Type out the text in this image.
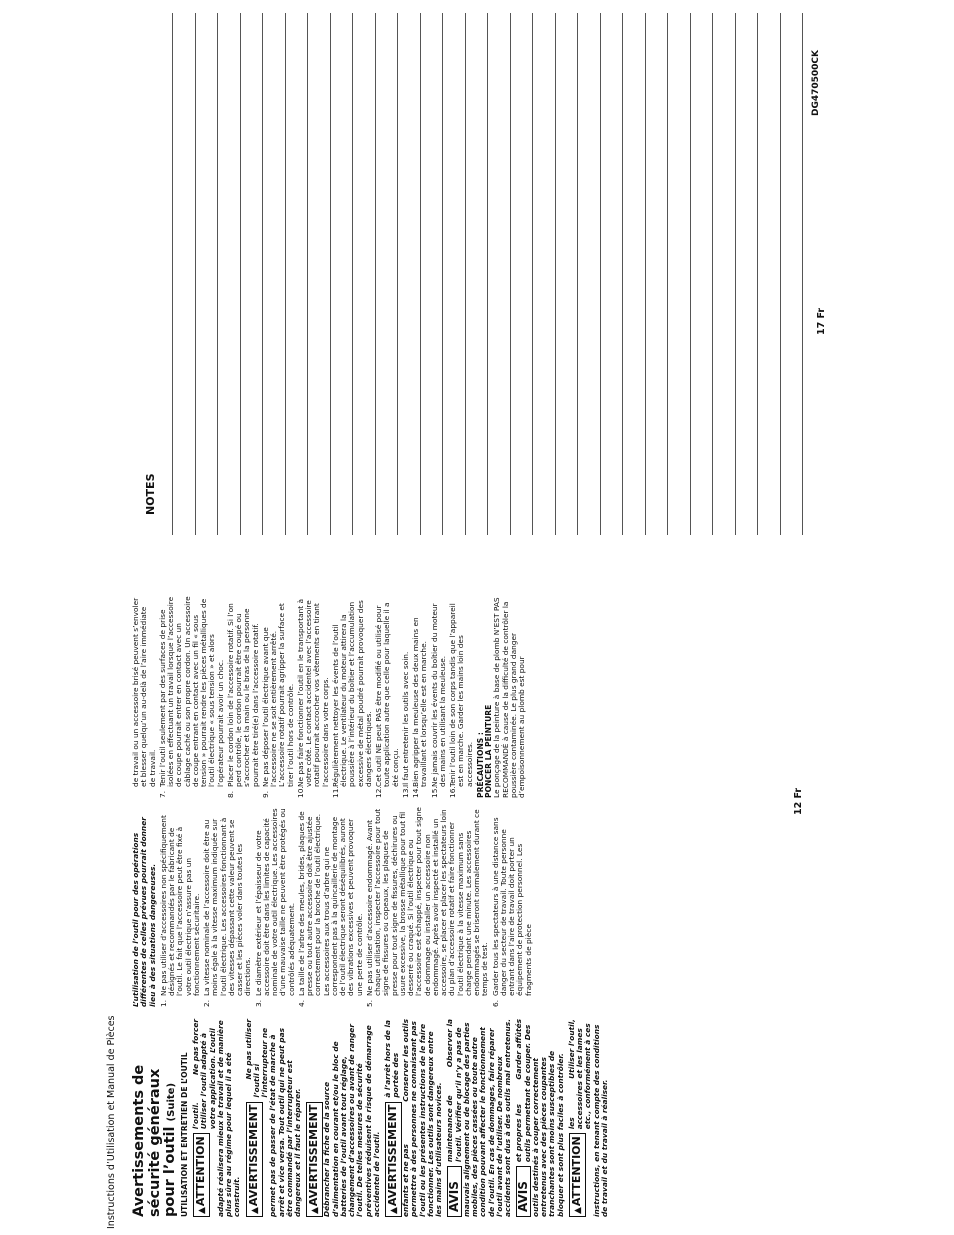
Instructions d’Utilisation et Manual de Pièces
DG470500CK

Avertissements de
sécurité généraux
pour l’outil (Suite) UTILISATION ET ENTRETIEN DE L’OUTIL ▲ATTENTION
Ne pas forcer
l’outil. Utiliser l’outil adapté à votre application. L’outil adapté réalisera mieux le travail et de manière plus sûre au régime pour lequel il a été construit. ▲AVERTISSEMENT
Ne pas utiliser
l’outil si l’interrupteur ne permet pas de passer de l’état de marche à arrêt et vice versa. Tout outil qui ne peut pas être commandé par l’interrupteur est dangereux et il faut le réparer. ▲AVERTISSEMENT Débrancher la fiche de la source d’alimentation en courant et/ou le bloc de batteries de l’outil avant tout réglage, changement d’accessoires ou avant de ranger l’outil. De telles mesures de sécurité préventives réduisent le risque de démarrage accidentel de l’outil. ▲AVERTISSEMENT
Conserver les outils
à l’arrêt hors de la portée des enfants et ne pas permettre à des personnes ne connaissant pas l’outil ou les présentes instructions de le faire fonctionner. Les outils sont dangereux entre les mains d’utilisateurs novices. AVIS
Observer la
maintenance de l’outil. Vérifier qu’il n’y a pas de mauvais alignement ou de blocage des parties mobiles, des pièces cassées ou toute autre condition pouvant affecter le fonctionnement de l’outil. En cas de dommages, faire réparer l’outil avant de l’utiliser. De nombreux accidents sont dus à des outils mal entretenus. AVIS
Garder affûtés
et propres les outils permettant de couper. Des outils destinés à couper correctement entretenus avec des pièces coupantes tranchantes sont moins susceptibles de bloquer et sont plus faciles à contrôler. ▲ATTENTION
Utiliser l’outil,
les accessoires et les lames etc., conformément à ces instructions, en tenant compte des conditions de travail et du travail à réaliser.

L’utilisation de l’outil pour des opérations différentes de celles prévues pourrait donner lieu à des situations dangereuses. 1.
Ne pas utiliser d’accessoires non spécifiquement désignés et recommandés par le fabricant de l’outil. Le fait que l’accessoire peut être fixé à votre outil électrique n’assure pas un fonctionnement sécuritaire.
2.
La vitesse nominale de l’accessoire doit être au moins égale à la vitesse maximum indiquée sur l’outil électrique. Les accessoires fonctionnant à des vitesses dépassant cette valeur peuvent se casser et les pièces voler dans toutes les directions.
3.
Le diamètre extérieur et l’épaisseur de votre accessoire doit être dans les limites de capacité nominale de votre outil électrique. Les accessoires d’une mauvaise taille ne peuvent être protégés ou contrôlés adéquatement.
4.
La taille de l’arbre des meules, brides, plaques de presse ou tout autre accessoire doit être ajustée correctement pour la broche de l’outil électrique. Les accessoires aux trous d’arbre qui ne correspondent pas à la quincaillerie de montage de l’outil électrique seront déséquilibrés, auront des vibrations excessives et peuvent provoquer une perte de contrôle.
5.
Ne pas utiliser d’accessoire endommagé. Avant chaque utilisation, inspecter l’accessoire pour tout signe de fissures ou copeaux, les plaques de presse pour tout signe de fissures, déchirures ou usure excessive, la brosse métallique pour tout fil desserré ou craqué. Si l’outil électrique ou l’accessoire est échappé, inspecter pour tout signe de dommage ou installer un accessoire non endommagé. Après avoir inspecté et installé un accessoire, se placer et placer les spectateurs loin du plan d’accessoire rotatif et faire fonctionner l’outil électrique à la vitesse maximum sans charge pendant une minute. Les accessoires endommagés se briseront normalement durant ce temps de test.
6.
Garder tous les spectateurs à une distance sans danger du secteur de travail. Toute personne entrant dans l’aire de travail doit porter un équipement de protection personnel. Les fragments de pièce

de travail ou un accessoire brisé peuvent s’envoler et blesser quelqu’un au-delà de l’aire immédiate de travail.

7.
Tenir l’outil seulement par des surfaces de prise isolées en effectuant un travail lorsque l’accessoire de coupe pourrait entrer en contact avec un câblage caché ou son propre cordon. Un accessoire de coupe entrant en contact avec un fil « sous tension » pourrait rendre les pièces métalliques de l’outil électrique « sous tension » et alors l’opérateur pourrait avoir un choc.
8.
Placer le cordon loin de l’accessoire rotatif. Si l’on perd contrôle, le cordon pourrait être coupé ou s’accrocher et la main ou le bras de la personne pourrait être tiré(e) dans l’accessoire rotatif.
9.
Ne pas déposer l’outil électrique avant que l’accessoire ne se soit entièrement arrêté. L’accessoire rotatif pourrait agripper la surface et tirer l’outil hors de contrôle.
10.
Ne pas faire fonctionner l’outil en le transportant à votre côté. Le contact accidentel avec l’accessoire rotatif pourrait accrocher vos vêtements en tirant l’accessoire dans votre corps.
11.
Régulièrement nettoyer les évents de l’outil électrique. Le ventilateur du moteur attirera la poussière à l’intérieur du boîtier et l’accumulation excessive de métal poudré pourrait provoquer des dangers électriques.
12.
Cet outil NE peut PAS être modifié ou utilisé pour toute application autre que celle pour laquelle il a été conçu.
13.
Il faut entretenir les outils avec soin.
14.
Bien agripper la meuleuse des deux mains en travaillant et lorsqu’elle est en marche.
15.
Ne jamais couvrir les évents du boîtier du moteur des mains en utilisant la meuleuse.
16.
Tenir l’outil loin de son corps tandis que l’appareil est en marche. Garder les mains loin des accessoires. PRÉCAUTIONS : PONCER LA PEINTURE Le ponçage de la peinture à base de plomb N’EST PAS RECOMMANDÉ à cause de la difficulté de contrôler la poussière contaminée. Le plus grand danger d’empoisonnement au plomb est pour

12 Fr
17 Fr
NOTES
